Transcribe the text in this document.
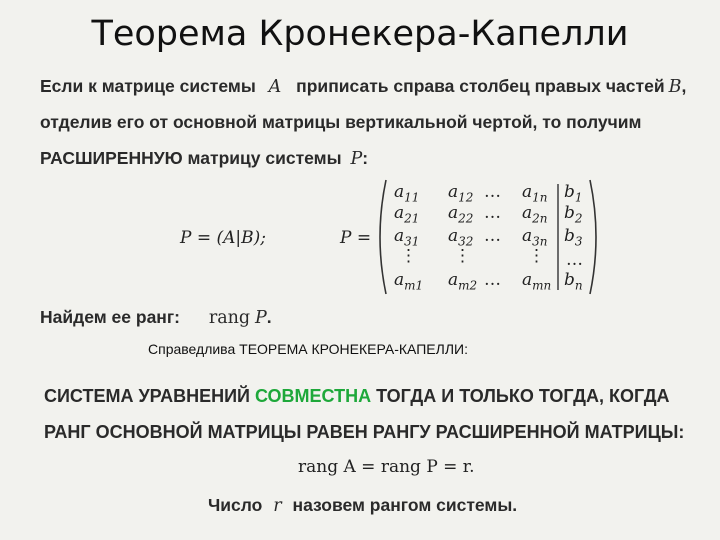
Теорема Кронекера-Капелли
Если к матрице системы A приписать справа столбец правых частей B,
отделив его от основной матрицы вертикальной чертой, то получим
РАСШИРЕННУЮ матрицу системы P:
P = (A|B);	P =
$a_{11}$ $a_{12}$ … $a_{1n}$ $b_1$
$a_{21}$ $a_{22}$ … $a_{2n}$ $b_2$
$a_{31}$ $a_{32}$ … $a_{3n}$ $b_3$
⋮ ⋮	⋮ …
$a_{m1}$ $a_{m2}$ … $a_{mn}$ $b_n$
Найдем ее ранг: rang P.
Справедлива ТЕОРЕМА КРОНЕКЕРА-КАПЕЛЛИ:
СИСТЕМА УРАВНЕНИЙ СОВМЕСТНА ТОГДА И ТОЛЬКО ТОГДА, КОГДА
РАНГ ОСНОВНОЙ МАТРИЦЫ РАВЕН РАНГУ РАСШИРЕННОЙ МАТРИЦЫ:
rang A = rang P = r.
Число r назовем рангом системы.
